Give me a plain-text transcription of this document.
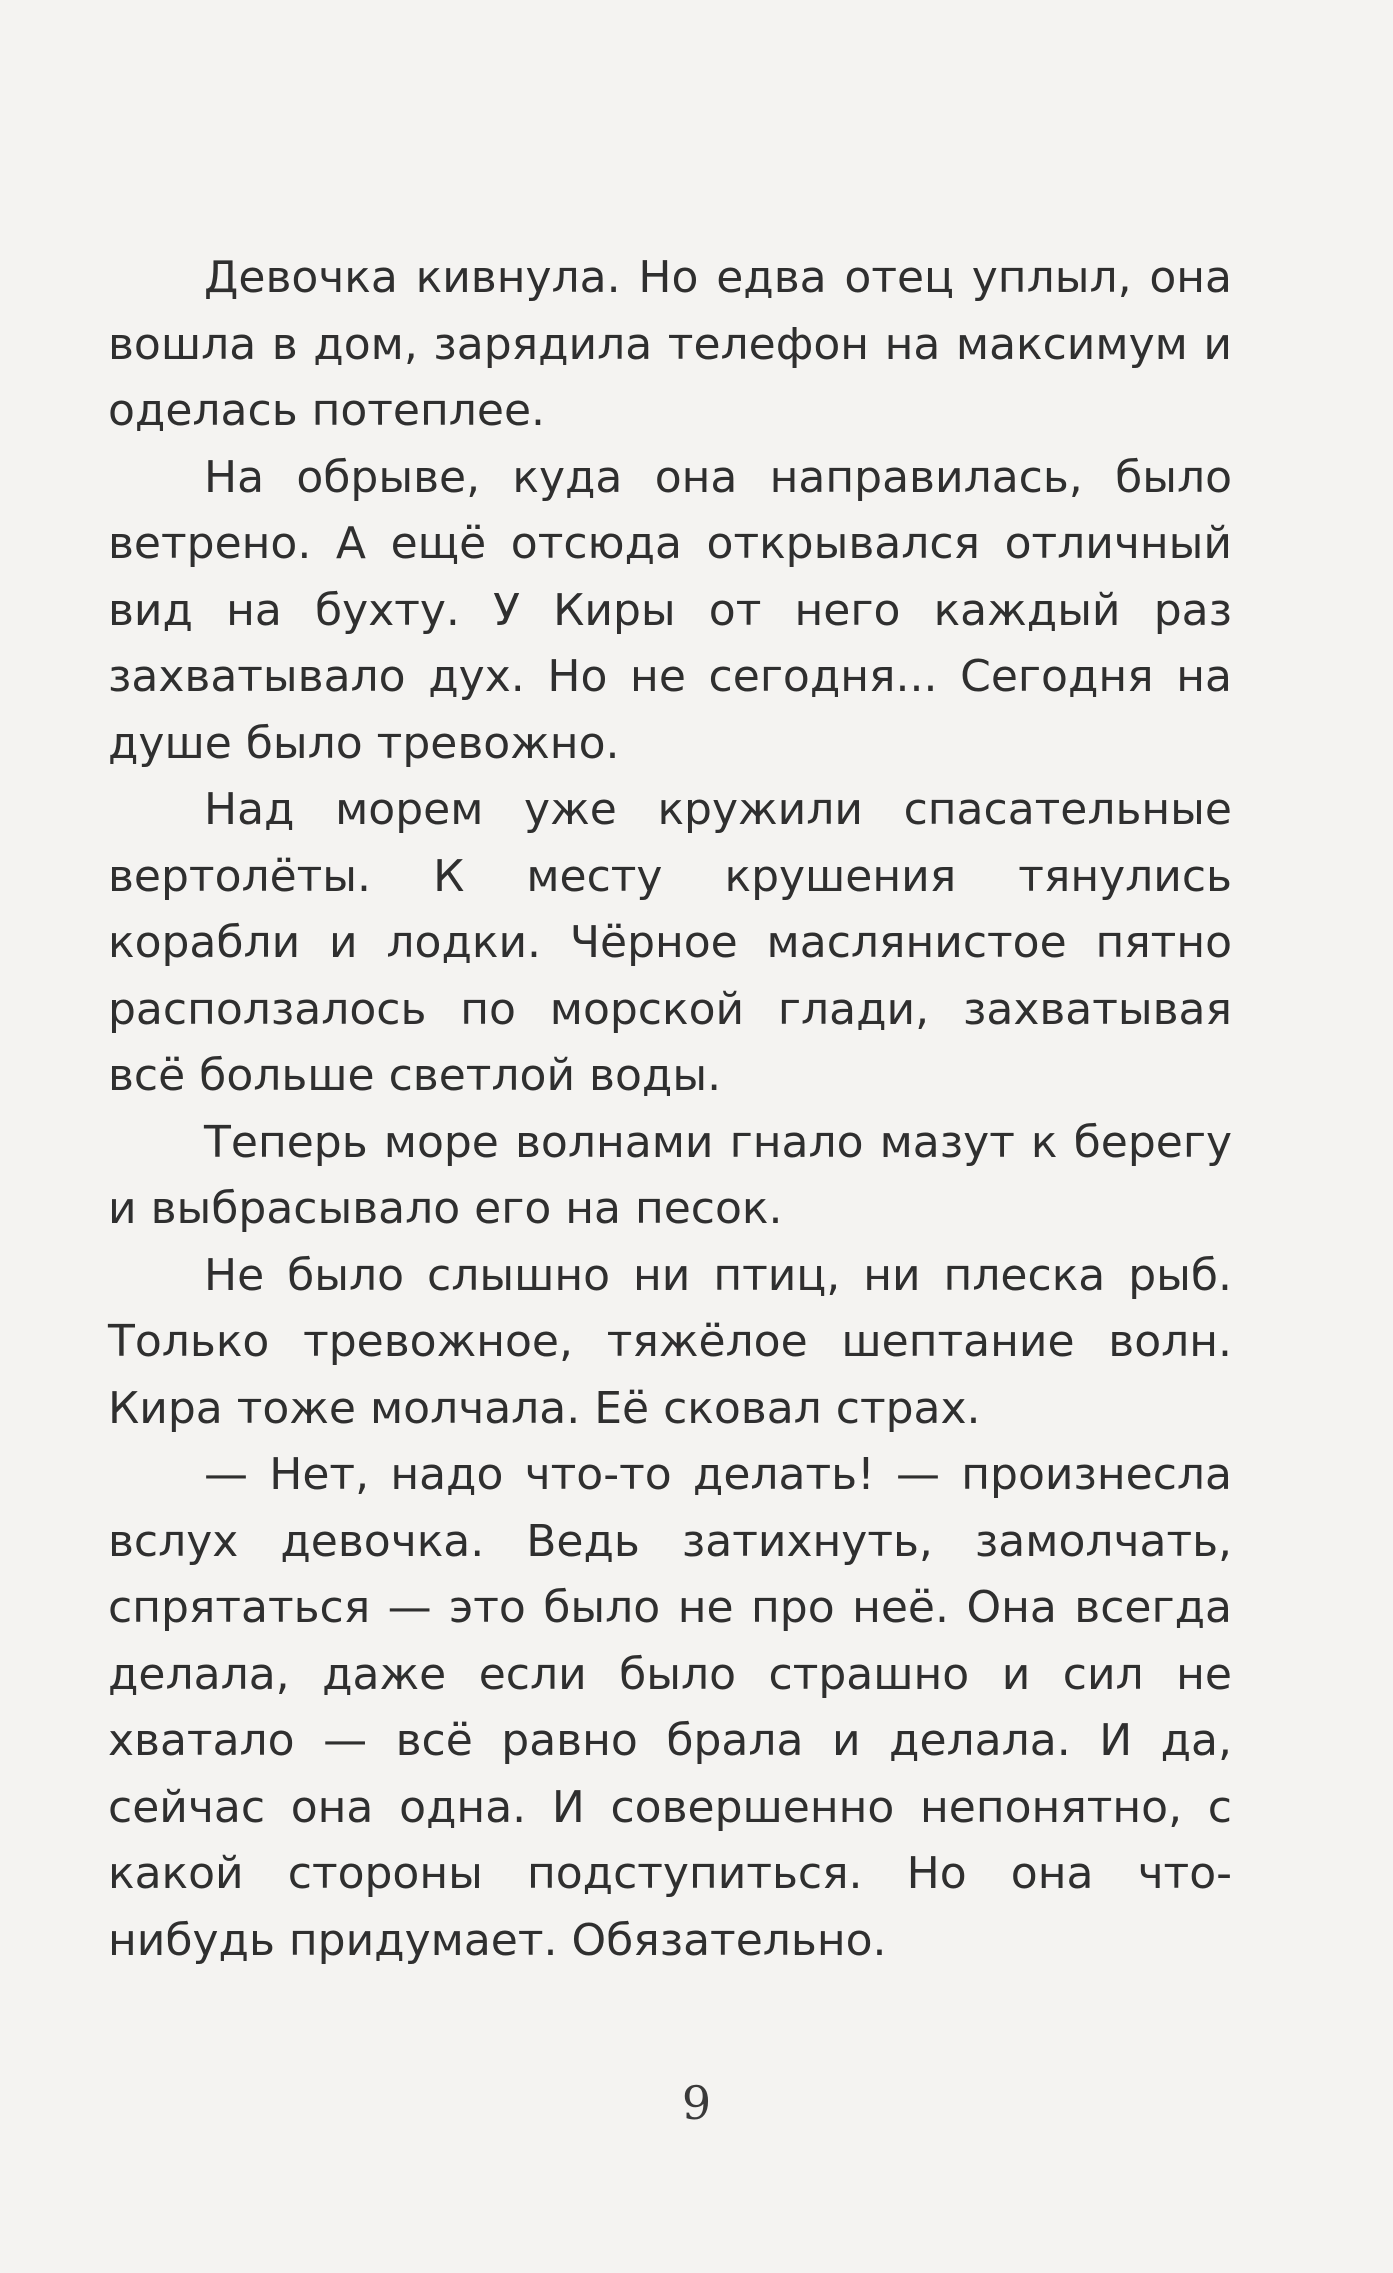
Девочка кивнула. Но едва отец уплыл, она вошла в дом, зарядила телефон на максимум и оделась потеплее.

На обрыве, куда она направилась, было ветрено. А ещё отсюда открывался отличный вид на бухту. У Киры от него каждый раз захватывало дух. Но не сегодня... Сегодня на душе было тревожно.

Над морем уже кружили спасательные вертолёты. К месту крушения тянулись корабли и лодки. Чёрное маслянистое пятно расползалось по морской глади, захватывая всё больше светлой воды.

Теперь море волнами гнало мазут к берегу и выбрасывало его на песок.

Не было слышно ни птиц, ни плеска рыб. Только тревожное, тяжёлое шептание волн. Кира тоже молчала. Её сковал страх.

— Нет, надо что-то делать! — произнесла вслух девочка. Ведь затихнуть, замолчать, спрятаться — это было не про неё. Она всегда делала, даже если было страшно и сил не хватало — всё равно брала и делала. И да, сейчас она одна. И совершенно непонятно, с какой стороны подступиться. Но она что-нибудь придумает. Обязательно.

9
